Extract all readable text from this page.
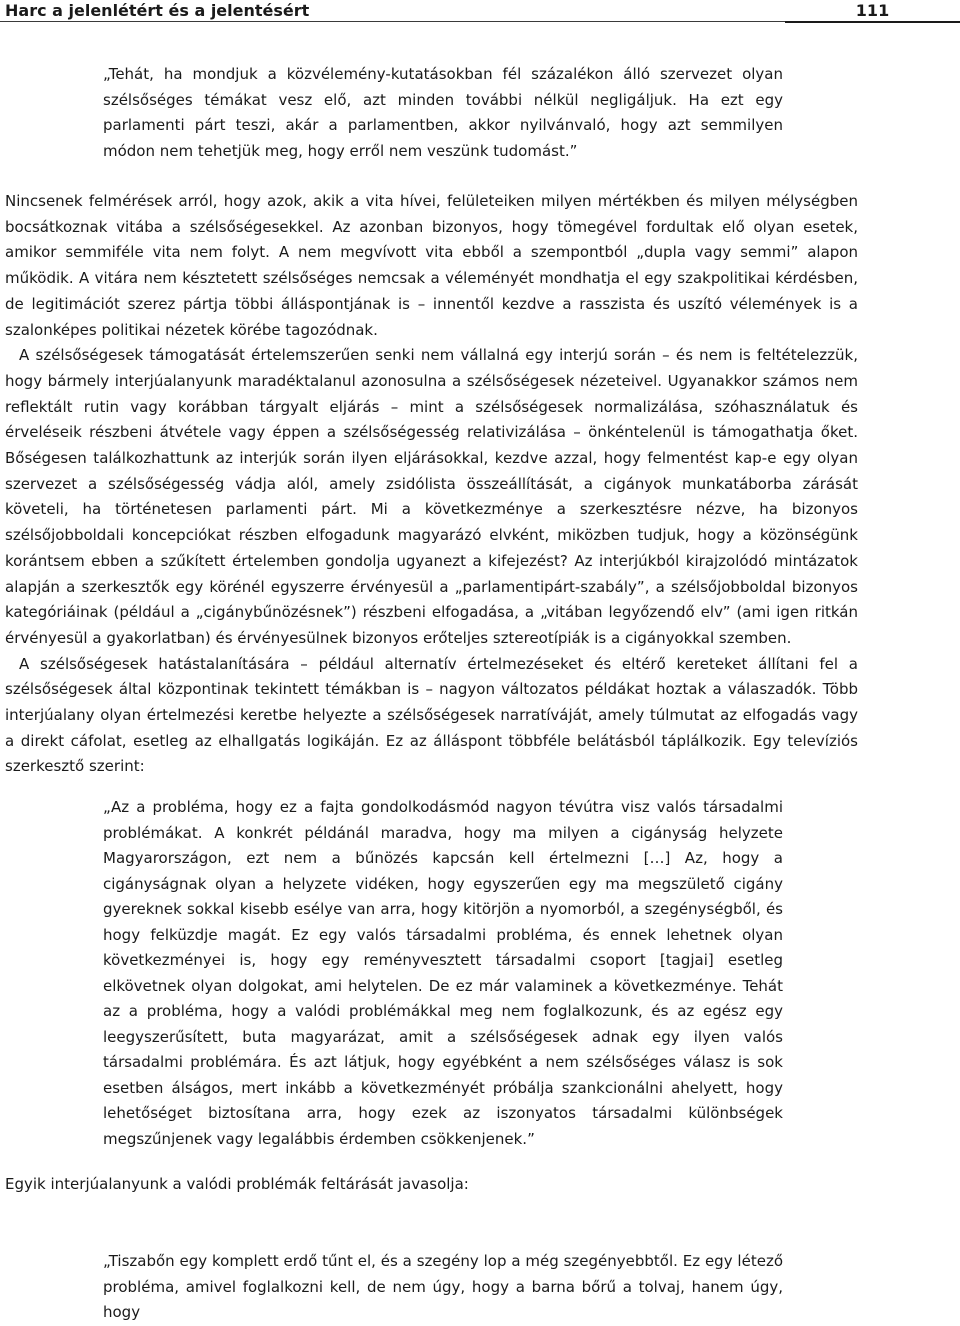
Harc a jelenlétért és a jelentésért	111

„Tehát, ha mondjuk a közvélemény-kutatásokban fél százalékon álló szervezet olyan szélsőséges témákat vesz elő, azt minden további nélkül negligáljuk. Ha ezt egy parlamenti párt teszi, akár a parlamentben, akkor nyilvánvaló, hogy azt semmilyen módon nem tehetjük meg, hogy erről nem veszünk tudomást.”

Nincsenek felmérések arról, hogy azok, akik a vita hívei, felületeiken milyen mértékben és milyen mélységben bocsátkoznak vitába a szélsőségesekkel. Az azonban bizonyos, hogy tömegével fordultak elő olyan esetek, amikor semmiféle vita nem folyt. A nem megvívott vita ebből a szempontból „dupla vagy semmi” alapon működik. A vitára nem késztetett szélsőséges nemcsak a véleményét mondhatja el egy szakpolitikai kérdésben, de legitimációt szerez pártja többi álláspontjának is – innentől kezdve a rasszista és uszító vélemények is a szalonképes politikai nézetek körébe tagozódnak.

A szélsőségesek támogatását értelemszerűen senki nem vállalná egy interjú során – és nem is feltételezzük, hogy bármely interjúalanyunk maradéktalanul azonosulna a szélsőségesek nézeteivel. Ugyanakkor számos nem reflektált rutin vagy korábban tárgyalt eljárás – mint a szélsőségesek normalizálása, szóhasználatuk és érveléseik részbeni átvétele vagy éppen a szélsőségesség relativizálása – önkéntelenül is támogathatja őket. Bőségesen találkozhattunk az interjúk során ilyen eljárásokkal, kezdve azzal, hogy felmentést kap-e egy olyan szervezet a szélsőségesség vádja alól, amely zsidólista összeállítását, a cigányok munkatáborba zárását követeli, ha történetesen parlamenti párt. Mi a következménye a szerkesztésre nézve, ha bizonyos szélsőjobboldali koncepciókat részben elfogadunk magyarázó elvként, miközben tudjuk, hogy a közönségünk korántsem ebben a szűkített értelemben gondolja ugyanezt a kifejezést? Az interjúkból kirajzolódó mintázatok alapján a szerkesztők egy körénél egyszerre érvényesül a „parlamentipárt-szabály”, a szélsőjobboldal bizonyos kategóriáinak (például a „cigánybűnözésnek”) részbeni elfogadása, a „vitában legyőzendő elv” (ami igen ritkán érvényesül a gyakorlatban) és érvényesülnek bizonyos erőteljes sztereotípiák is a cigányokkal szemben.

A szélsőségesek hatástalanítására – például alternatív értelmezéseket és eltérő kereteket állítani fel a szélsőségesek által központinak tekintett témákban is – nagyon változatos példákat hoztak a válaszadók. Több interjúalany olyan értelmezési keretbe helyezte a szélsőségesek narratíváját, amely túlmutat az elfogadás vagy a direkt cáfolat, esetleg az elhallgatás logikáján. Ez az álláspont többféle belátásból táplálkozik. Egy televíziós szerkesztő szerint:

„Az a probléma, hogy ez a fajta gondolkodásmód nagyon tévútra visz valós társadalmi problémákat. A konkrét példánál maradva, hogy ma milyen a cigányság helyzete Magyarországon, ezt nem a bűnözés kapcsán kell értelmezni […] Az, hogy a cigányságnak olyan a helyzete vidéken, hogy egyszerűen egy ma megszülető cigány gyereknek sokkal kisebb esélye van arra, hogy kitörjön a nyomorból, a szegénységből, és hogy felküzdje magát. Ez egy valós társadalmi probléma, és ennek lehetnek olyan következményei is, hogy egy reményvesztett társadalmi csoport [tagjai] esetleg elkövetnek olyan dolgokat, ami helytelen. De ez már valaminek a következménye. Tehát az a probléma, hogy a valódi problémákkal meg nem foglalkozunk, és az egész egy leegyszerűsített, buta magyarázat, amit a szélsőségesek adnak egy ilyen valós társadalmi problémára. És azt látjuk, hogy egyébként a nem szélsőséges válasz is sok esetben álságos, mert inkább a következményét próbálja szankcionálni ahelyett, hogy lehetőséget biztosítana arra, hogy ezek az iszonyatos társadalmi különbségek megszűnjenek vagy legalábbis érdemben csökkenjenek.”

Egyik interjúalanyunk a valódi problémák feltárását javasolja:

„Tiszabőn egy komplett erdő tűnt el, és a szegény lop a még szegényebbtől. Ez egy létező probléma, amivel foglalkozni kell, de nem úgy, hogy a barna bőrű a tolvaj, hanem úgy, hogy
